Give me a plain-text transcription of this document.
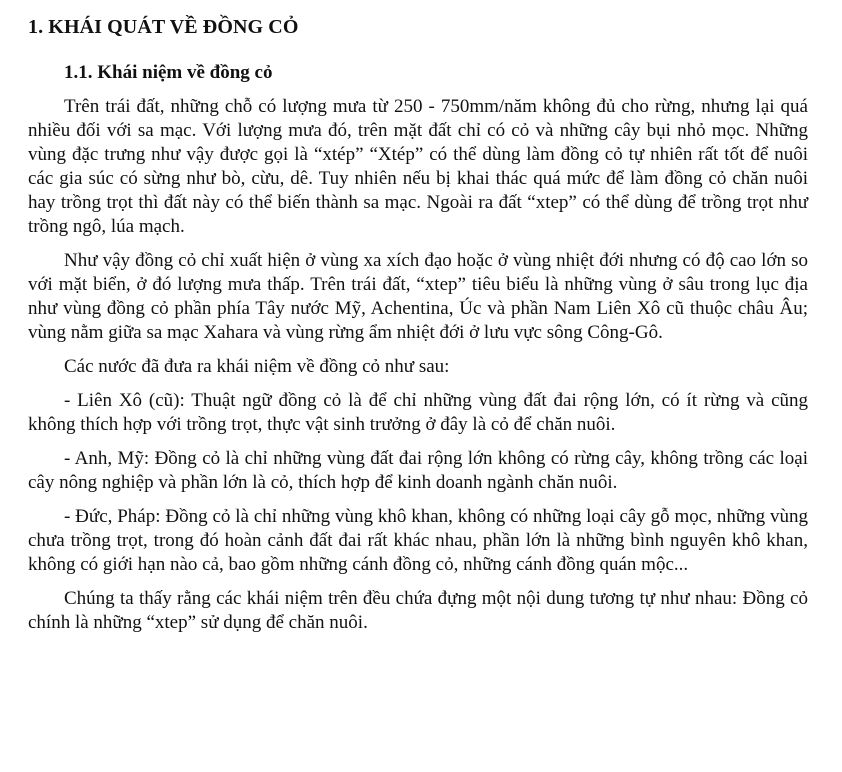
1. KHÁI QUÁT VỀ ĐỒNG CỎ
1.1. Khái niệm về đồng cỏ

Trên trái đất, những chỗ có lượng mưa từ 250 - 750mm/năm không đủ cho rừng, nhưng lại quá nhiều đối với sa mạc. Với lượng mưa đó, trên mặt đất chỉ có cỏ và những cây bụi nhỏ mọc. Những vùng đặc trưng như vậy được gọi là “xtép” “Xtép” có thể dùng làm đồng cỏ tự nhiên rất tốt để nuôi các gia súc có sừng như bò, cừu, dê. Tuy nhiên nếu bị khai thác quá mức để làm đồng cỏ chăn nuôi hay trồng trọt thì đất này có thể biến thành sa mạc. Ngoài ra đất “xtep” có thể dùng để trồng trọt như trồng ngô, lúa mạch.

Như vậy đồng cỏ chỉ xuất hiện ở vùng xa xích đạo hoặc ở vùng nhiệt đới nhưng có độ cao lớn so với mặt biển, ở đó lượng mưa thấp. Trên trái đất, “xtep” tiêu biểu là những vùng ở sâu trong lục địa như vùng đồng cỏ phần phía Tây nước Mỹ, Achentina, Úc và phần Nam Liên Xô cũ thuộc châu Âu; vùng nằm giữa sa mạc Xahara và vùng rừng ẩm nhiệt đới ở lưu vực sông Công-Gô.

Các nước đã đưa ra khái niệm về đồng cỏ như sau:

- Liên Xô (cũ): Thuật ngữ đồng cỏ là để chỉ những vùng đất đai rộng lớn, có ít rừng và cũng không thích hợp với trồng trọt, thực vật sinh trưởng ở đây là cỏ để chăn nuôi.

- Anh, Mỹ: Đồng cỏ là chỉ những vùng đất đai rộng lớn không có rừng cây, không trồng các loại cây nông nghiệp và phần lớn là cỏ, thích hợp để kinh doanh ngành chăn nuôi.

- Đức, Pháp: Đồng cỏ là chỉ những vùng khô khan, không có những loại cây gỗ mọc, những vùng chưa trồng trọt, trong đó hoàn cảnh đất đai rất khác nhau, phần lớn là những bình nguyên khô khan, không có giới hạn nào cả, bao gồm những cánh đồng cỏ, những cánh đồng quán mộc...

Chúng ta thấy rằng các khái niệm trên đều chứa đựng một nội dung tương tự như nhau: Đồng cỏ chính là những “xtep” sử dụng để chăn nuôi.
